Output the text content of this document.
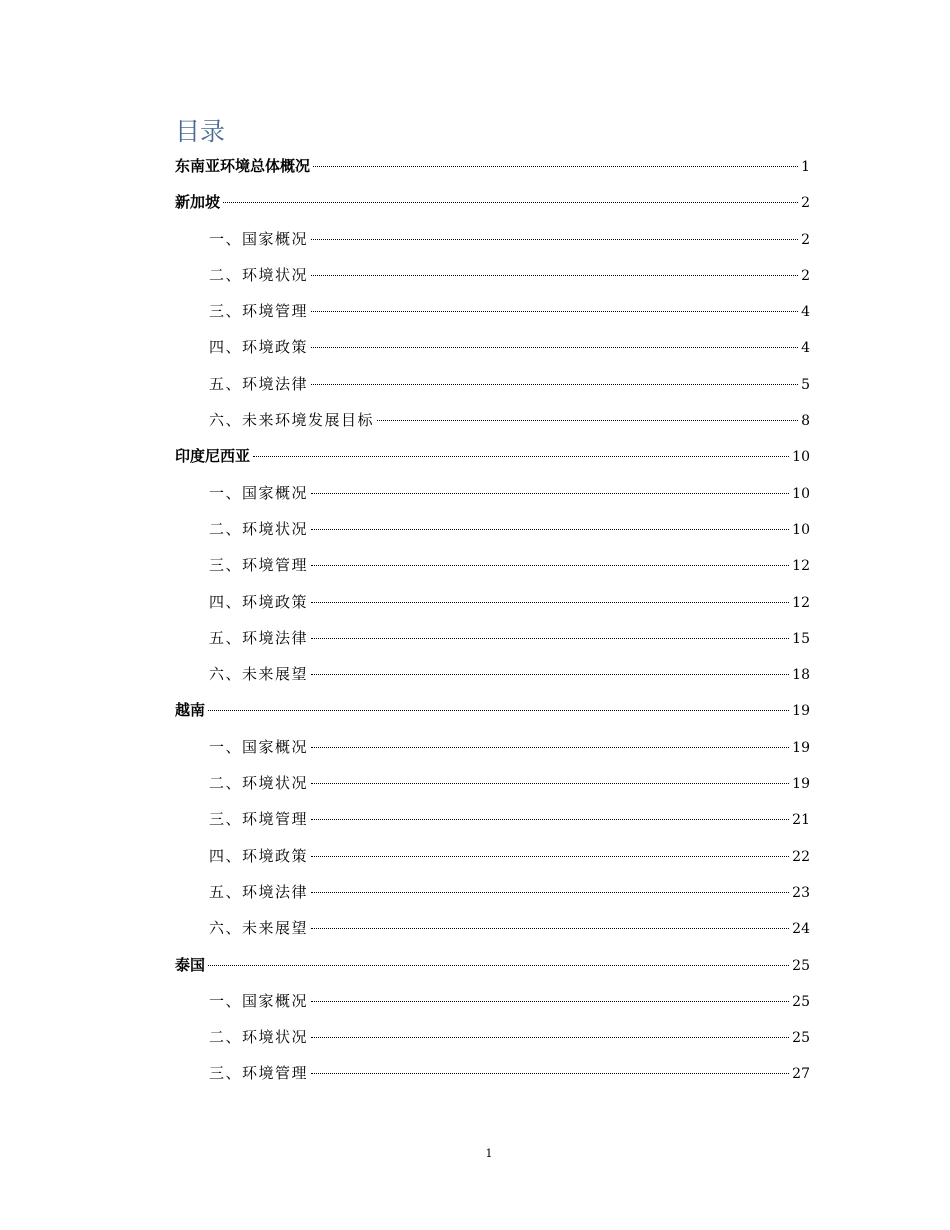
目录
东南亚环境总体概况	1
新加坡	2
一、国家概况	2
二、环境状况	2
三、环境管理	4
四、环境政策	4
五、环境法律	5
六、未来环境发展目标	8
印度尼西亚	10
一、国家概况	10
二、环境状况	10
三、环境管理	12
四、环境政策	12
五、环境法律	15
六、未来展望	18
越南	19
一、国家概况	19
二、环境状况	19
三、环境管理	21
四、环境政策	22
五、环境法律	23
六、未来展望	24
泰国	25
一、国家概况	25
二、环境状况	25
三、环境管理	27
1
